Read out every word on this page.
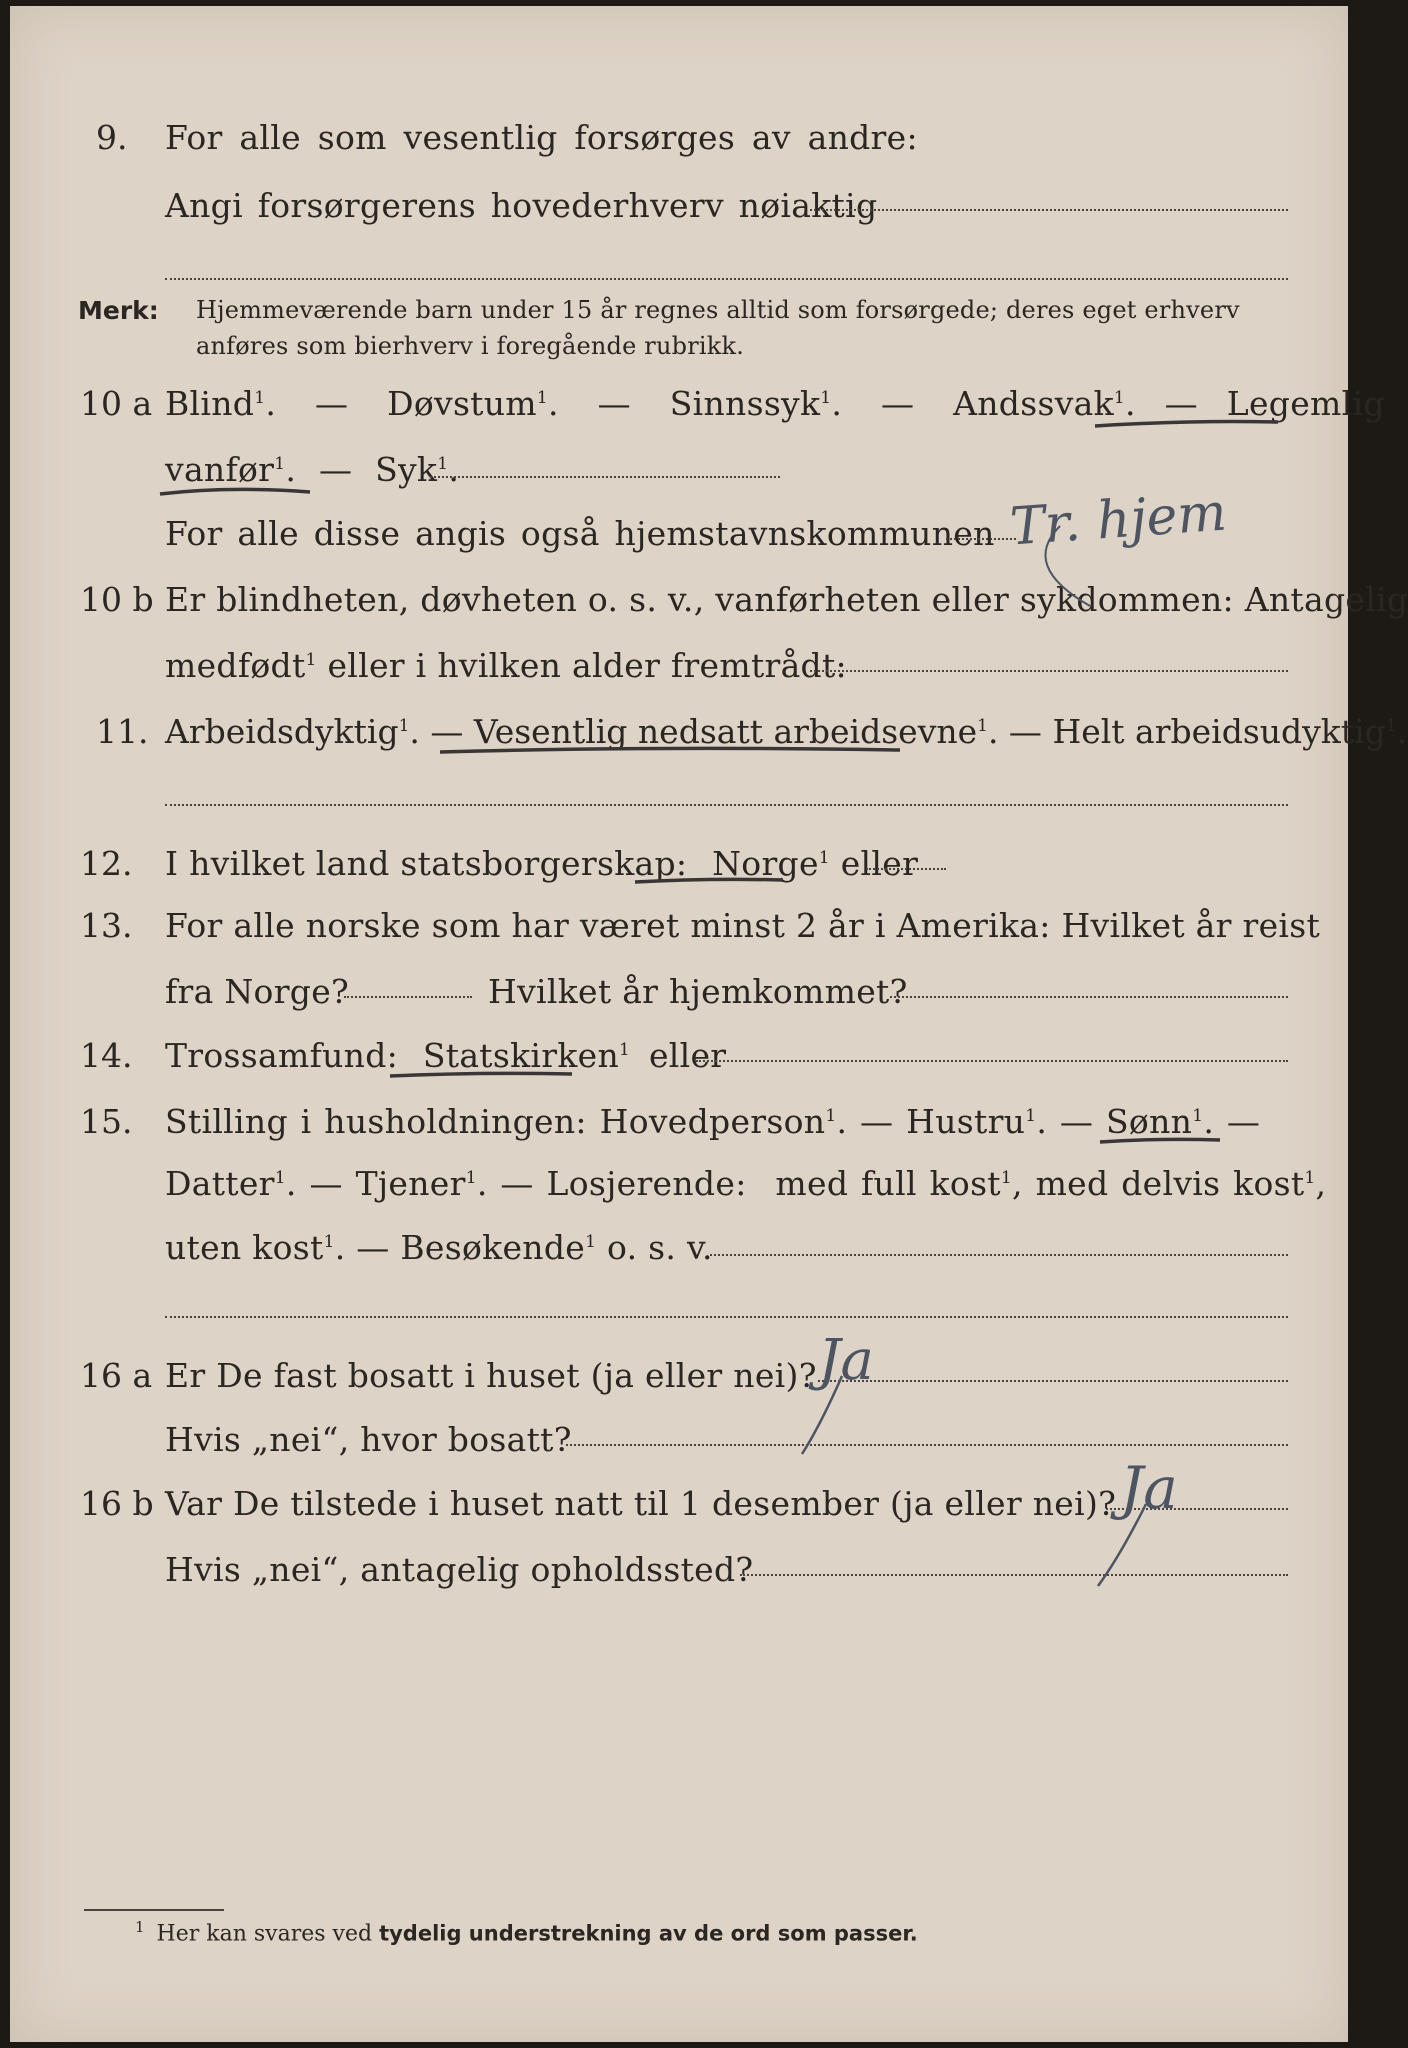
9. For alle som vesentlig forsørges av andre:
Angi forsørgerens hovederhverv nøiaktig
Merk: Hjemmeværende barn under 15 år regnes alltid som forsørgede; deres eget erhverv
anføres som bierhverv i foregående rubrikk.
10 a Blind$^1$. — Døvstum$^1$. — Sinnssyk$^1$. — Andssvak$^1$. — Legemlig
vanfør$^1$. — Syk$^1$.
For alle disse angis også hjemstavnskommunen Tr. hjem
10 b Er blindheten, døvheten o. s. v., vanførheten eller sykdommen: Antagelig
medfødt$^1$ eller i hvilken alder fremtrådt:
11. Arbeidsdyktig$^1$. — Vesentlig nedsatt arbeidsevne$^1$. — Helt arbeidsudyktig$^1$.
12. I hvilket land statsborgerskap: Norge$^1$ eller
13. For alle norske som har været minst 2 år i Amerika: Hvilket år reist
fra Norge?	Hvilket år hjemkommet?
14. Trossamfund: Statskirken$^1$ eller
15. Stilling i husholdningen: Hovedperson$^1$. — Hustru$^1$. — Sønn$^1$. —
Datter$^1$. — Tjener$^1$. — Losjerende: med full kost$^1$, med delvis kost$^1$,
uten kost$^1$. — Besøkende$^1$ o. s. v.
16 a Er De fast bosatt i huset (ja eller nei)? Ja
Hvis „nei“, hvor bosatt?
16 b Var De tilstede i huset natt til 1 desember (ja eller nei)? Ja
Hvis „nei“, antagelig opholdssted?
$^1$ Her kan svares ved tydelig understrekning av de ord som passer.
